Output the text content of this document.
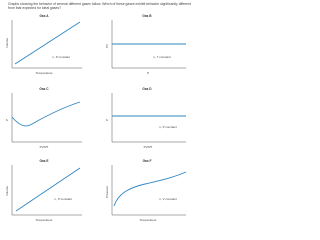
Graphs showing the behavior of several different gases follow. Which of these gases exhibit behavior significantly different from that expected for ideal gases?
Gas A
n, P constant
Temperature
Volume
Gas B
n, T constant
P
PV
Gas C
PV/RT
P
Gas D
n, P constant
PV/RT
P
Gas E
n, P constant
Temperature
Volume
Gas F
n, V constant
Temperature
Pressure
